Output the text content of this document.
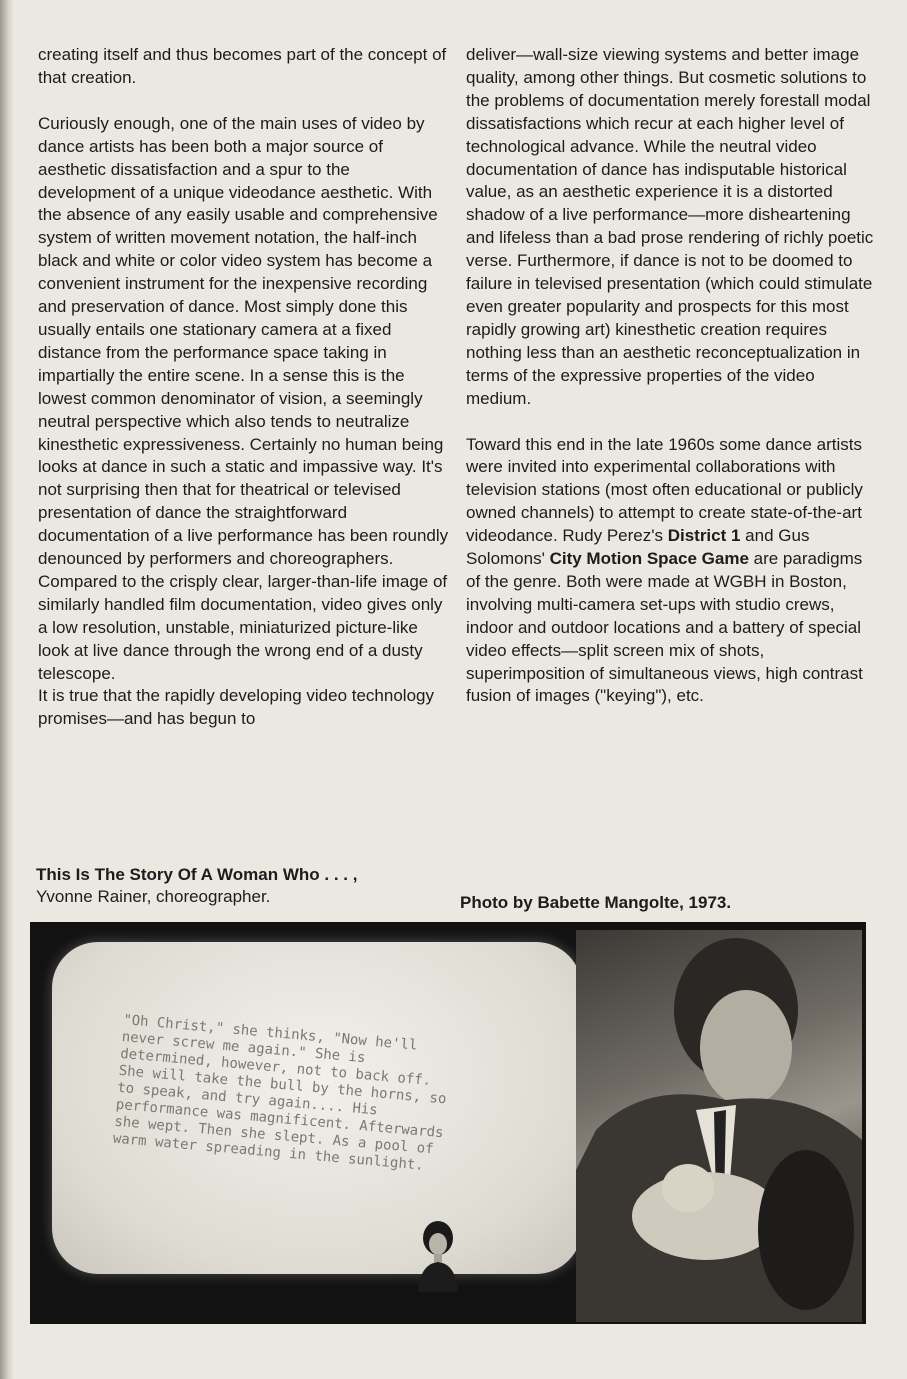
creating itself and thus becomes part of the concept of that creation.

Curiously enough, one of the main uses of video by dance artists has been both a major source of aesthetic dissatisfaction and a spur to the development of a unique videodance aesthetic. With the absence of any easily usable and comprehensive system of written movement notation, the half-inch black and white or color video system has become a convenient instrument for the inexpensive recording and preservation of dance. Most simply done this usually entails one stationary camera at a fixed distance from the performance space taking in impartially the entire scene. In a sense this is the lowest common denominator of vision, a seemingly neutral perspective which also tends to neutralize kinesthetic expressiveness. Certainly no human being looks at dance in such a static and impassive way. It's not surprising then that for theatrical or televised presentation of dance the straightforward documentation of a live performance has been roundly denounced by performers and choreographers. Compared to the crisply clear, larger-than-life image of similarly handled film documentation, video gives only a low resolution, unstable, miniaturized picture-like look at live dance through the wrong end of a dusty telescope.

It is true that the rapidly developing video technology promises—and has begun to

deliver—wall-size viewing systems and better image quality, among other things. But cosmetic solutions to the problems of documentation merely forestall modal dissatisfactions which recur at each higher level of technological advance. While the neutral video documentation of dance has indisputable historical value, as an aesthetic experience it is a distorted shadow of a live performance—more disheartening and lifeless than a bad prose rendering of richly poetic verse. Furthermore, if dance is not to be doomed to failure in televised presentation (which could stimulate even greater popularity and prospects for this most rapidly growing art) kinesthetic creation requires nothing less than an aesthetic reconceptualization in terms of the expressive properties of the video medium.

Toward this end in the late 1960s some dance artists were invited into experimental collaborations with television stations (most often educational or publicly owned channels) to attempt to create state-of-the-art videodance. Rudy Perez's District 1 and Gus Solomons' City Motion Space Game are paradigms of the genre. Both were made at WGBH in Boston, involving multi-camera set-ups with studio crews, indoor and outdoor locations and a battery of special video effects—split screen mix of shots, superimposition of simultaneous views, high contrast fusion of images ("keying"), etc.

This Is The Story Of A Woman Who . . . ,
Yvonne Rainer, choreographer.	Photo by Babette Mangolte, 1973.
"Oh Christ," she thinks, "Now he'll never screw me again." She is determined, however, not to back off. She will take the bull by the horns, so to speak, and try again.... His performance was magnificent. Afterwards she wept. Then she slept. As a pool of warm water spreading in the sunlight.
